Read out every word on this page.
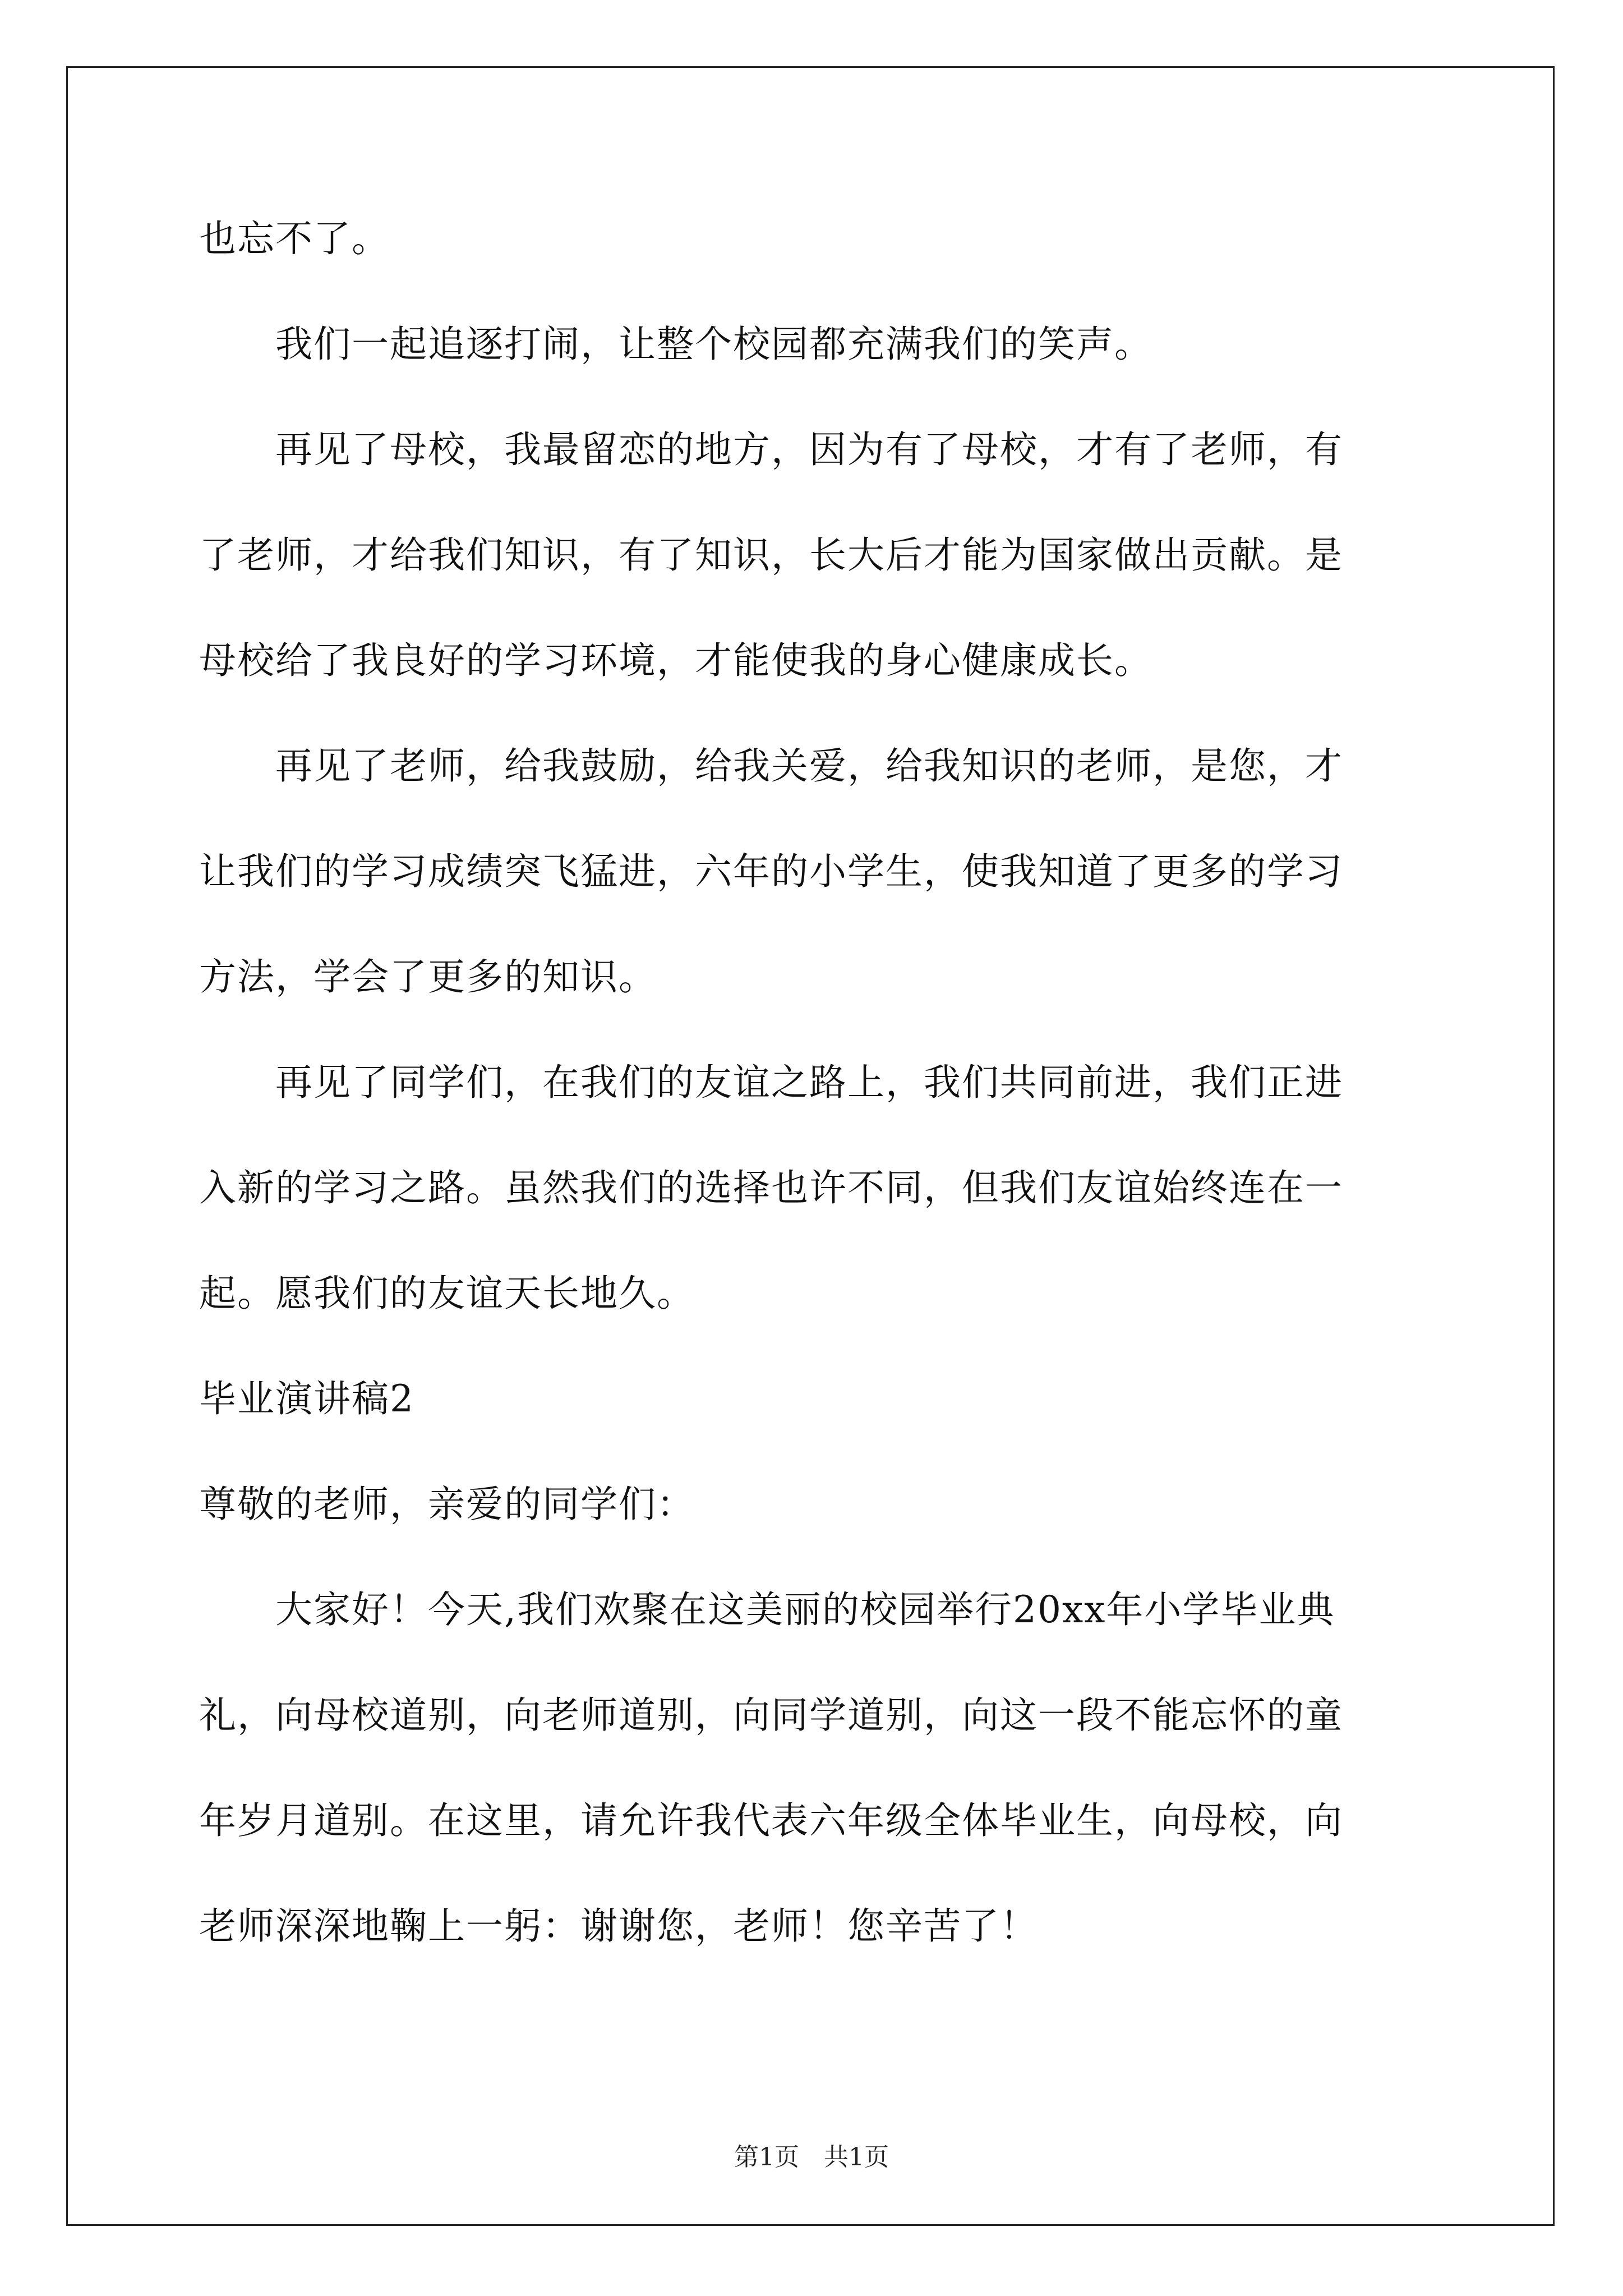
也忘不了。
　　我们一起追逐打闹，让整个校园都充满我们的笑声。
　　再见了母校，我最留恋的地方，因为有了母校，才有了老师，有
了老师，才给我们知识，有了知识，长大后才能为国家做出贡献。是
母校给了我良好的学习环境，才能使我的身心健康成长。
　　再见了老师，给我鼓励，给我关爱，给我知识的老师，是您，才
让我们的学习成绩突飞猛进，六年的小学生，使我知道了更多的学习
方法，学会了更多的知识。
　　再见了同学们，在我们的友谊之路上，我们共同前进，我们正进
入新的学习之路。虽然我们的选择也许不同，但我们友谊始终连在一
起。愿我们的友谊天长地久。
毕业演讲稿2
尊敬的老师，亲爱的同学们：
　　大家好！今天,我们欢聚在这美丽的校园举行20xx年小学毕业典
礼，向母校道别，向老师道别，向同学道别，向这一段不能忘怀的童
年岁月道别。在这里，请允许我代表六年级全体毕业生，向母校，向
老师深深地鞠上一躬：谢谢您，老师！您辛苦了！
第1页　共1页
